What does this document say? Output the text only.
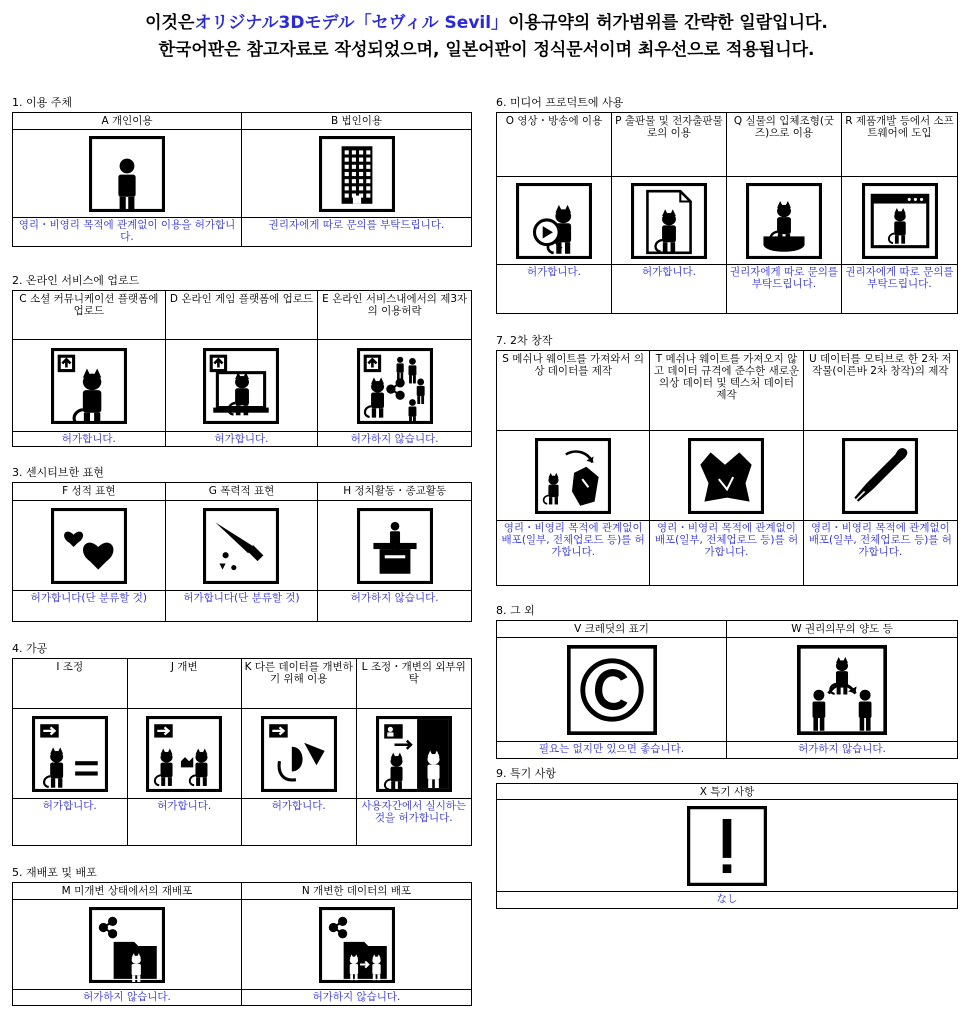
이것은オリジナル3Dモデル「セヴィル Sevil」이용규약의 허가범위를 간략한 일람입니다.
한국어판은 참고자료로 작성되었으며, 일본어판이 정식문서이며 최우선으로 적용됩니다.
1. 이용 주체
A 개인이용
영리・비영리 목적에 관계없이 이용을 허가합니다.
B 법인이용
권리자에게 따로 문의를 부탁드립니다.
2. 온라인 서비스에 업로드
C 소셜 커뮤니케이션 플랫폼에 업로드
허가합니다.
D 온라인 게임 플랫폼에 업로드
허가합니다.
E 온라인 서비스내에서의 제3자의 이용허락
허가하지 않습니다.
3. 센시티브한 표현
F 성적 표현
허가합니다(단 분류할 것)
G 폭력적 표현
허가합니다(단 분류할 것)
H 정치활동・종교활동
허가하지 않습니다.
4. 가공
I 조정
허가합니다.
J 개변
허가합니다.
K 다른 데이터를 개변하기 위해 이용
허가합니다.
L 조정・개변의 외부위탁
사용자간에서 실시하는 것을 허가합니다.
5. 재배포 및 배포
M 미개변 상태에서의 재배포
허가하지 않습니다.
N 개변한 데이터의 배포
허가하지 않습니다.
6. 미디어 프로덕트에 사용
O 영상・방송에 이용
허가합니다.
P 출판물 및 전자출판물로의 이용
허가합니다.
Q 실물의 입체조형(굿즈)으로 이용
권리자에게 따로 문의를 부탁드립니다.
R 제품개발 등에서 소프트웨어에 도입
권리자에게 따로 문의를 부탁드립니다.
7. 2차 창작
S 메쉬나 웨이트를 가져와서 의상 데이터를 제작
영리・비영리 목적에 관계없이 배포(일부, 전체업로드 등)를 허가합니다.
T 메쉬나 웨이트를 가져오지 않고 데이터 규격에 준수한 새로운 의상 데이터 및 텍스처 데이터 제작
영리・비영리 목적에 관계없이 배포(일부, 전체업로드 등)를 허가합니다.
U 데이터를 모티브로 한 2차 저작물(이른바 2차 창작)의 제작
영리・비영리 목적에 관계없이 배포(일부, 전체업로드 등)를 허가합니다.
8. 그 외
V 크레딧의 표기
필요는 없지만 있으면 좋습니다.
W 권리의무의 양도 등
허가하지 않습니다.
9. 특기 사항
X 특기 사항
なし
